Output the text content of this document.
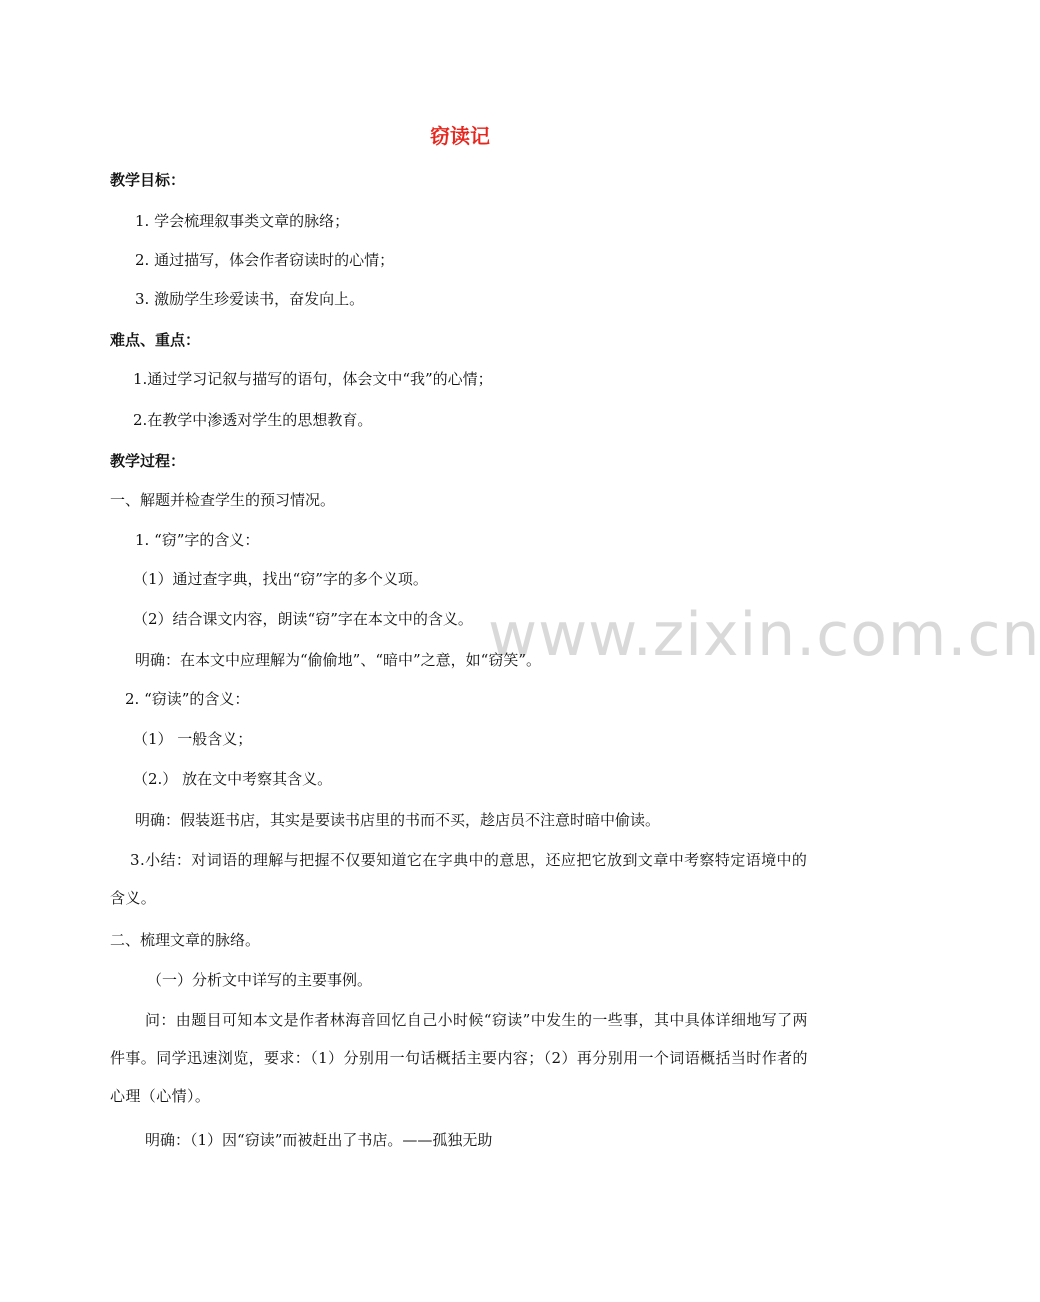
www.zixin.com.cn
窃读记
教学目标：
1. 学会梳理叙事类文章的脉络；
2. 通过描写，体会作者窃读时的心情；
3. 激励学生珍爱读书，奋发向上。
难点、重点：
1.通过学习记叙与描写的语句，体会文中“我”的心情；
2.在教学中渗透对学生的思想教育。
教学过程：
一、解题并检查学生的预习情况。
1. “窃”字的含义：
（1）通过查字典，找出“窃”字的多个义项。
（2）结合课文内容，朗读“窃”字在本文中的含义。
明确：在本文中应理解为“偷偷地”、“暗中”之意，如“窃笑”。
2. “窃读”的含义：
（1） 一般含义；
（2.） 放在文中考察其含义。
明确：假装逛书店，其实是要读书店里的书而不买，趁店员不注意时暗中偷读。
3.小结：对词语的理解与把握不仅要知道它在字典中的意思，还应把它放到文章中考察特定语境中的含义。
二、梳理文章的脉络。
（一）分析文中详写的主要事例。
问：由题目可知本文是作者林海音回忆自己小时候“窃读”中发生的一些事，其中具体详细地写了两件事。同学迅速浏览，要求：（1）分别用一句话概括主要内容；（2）再分别用一个词语概括当时作者的心理（心情）。
明确：（1）因“窃读”而被赶出了书店。——孤独无助
